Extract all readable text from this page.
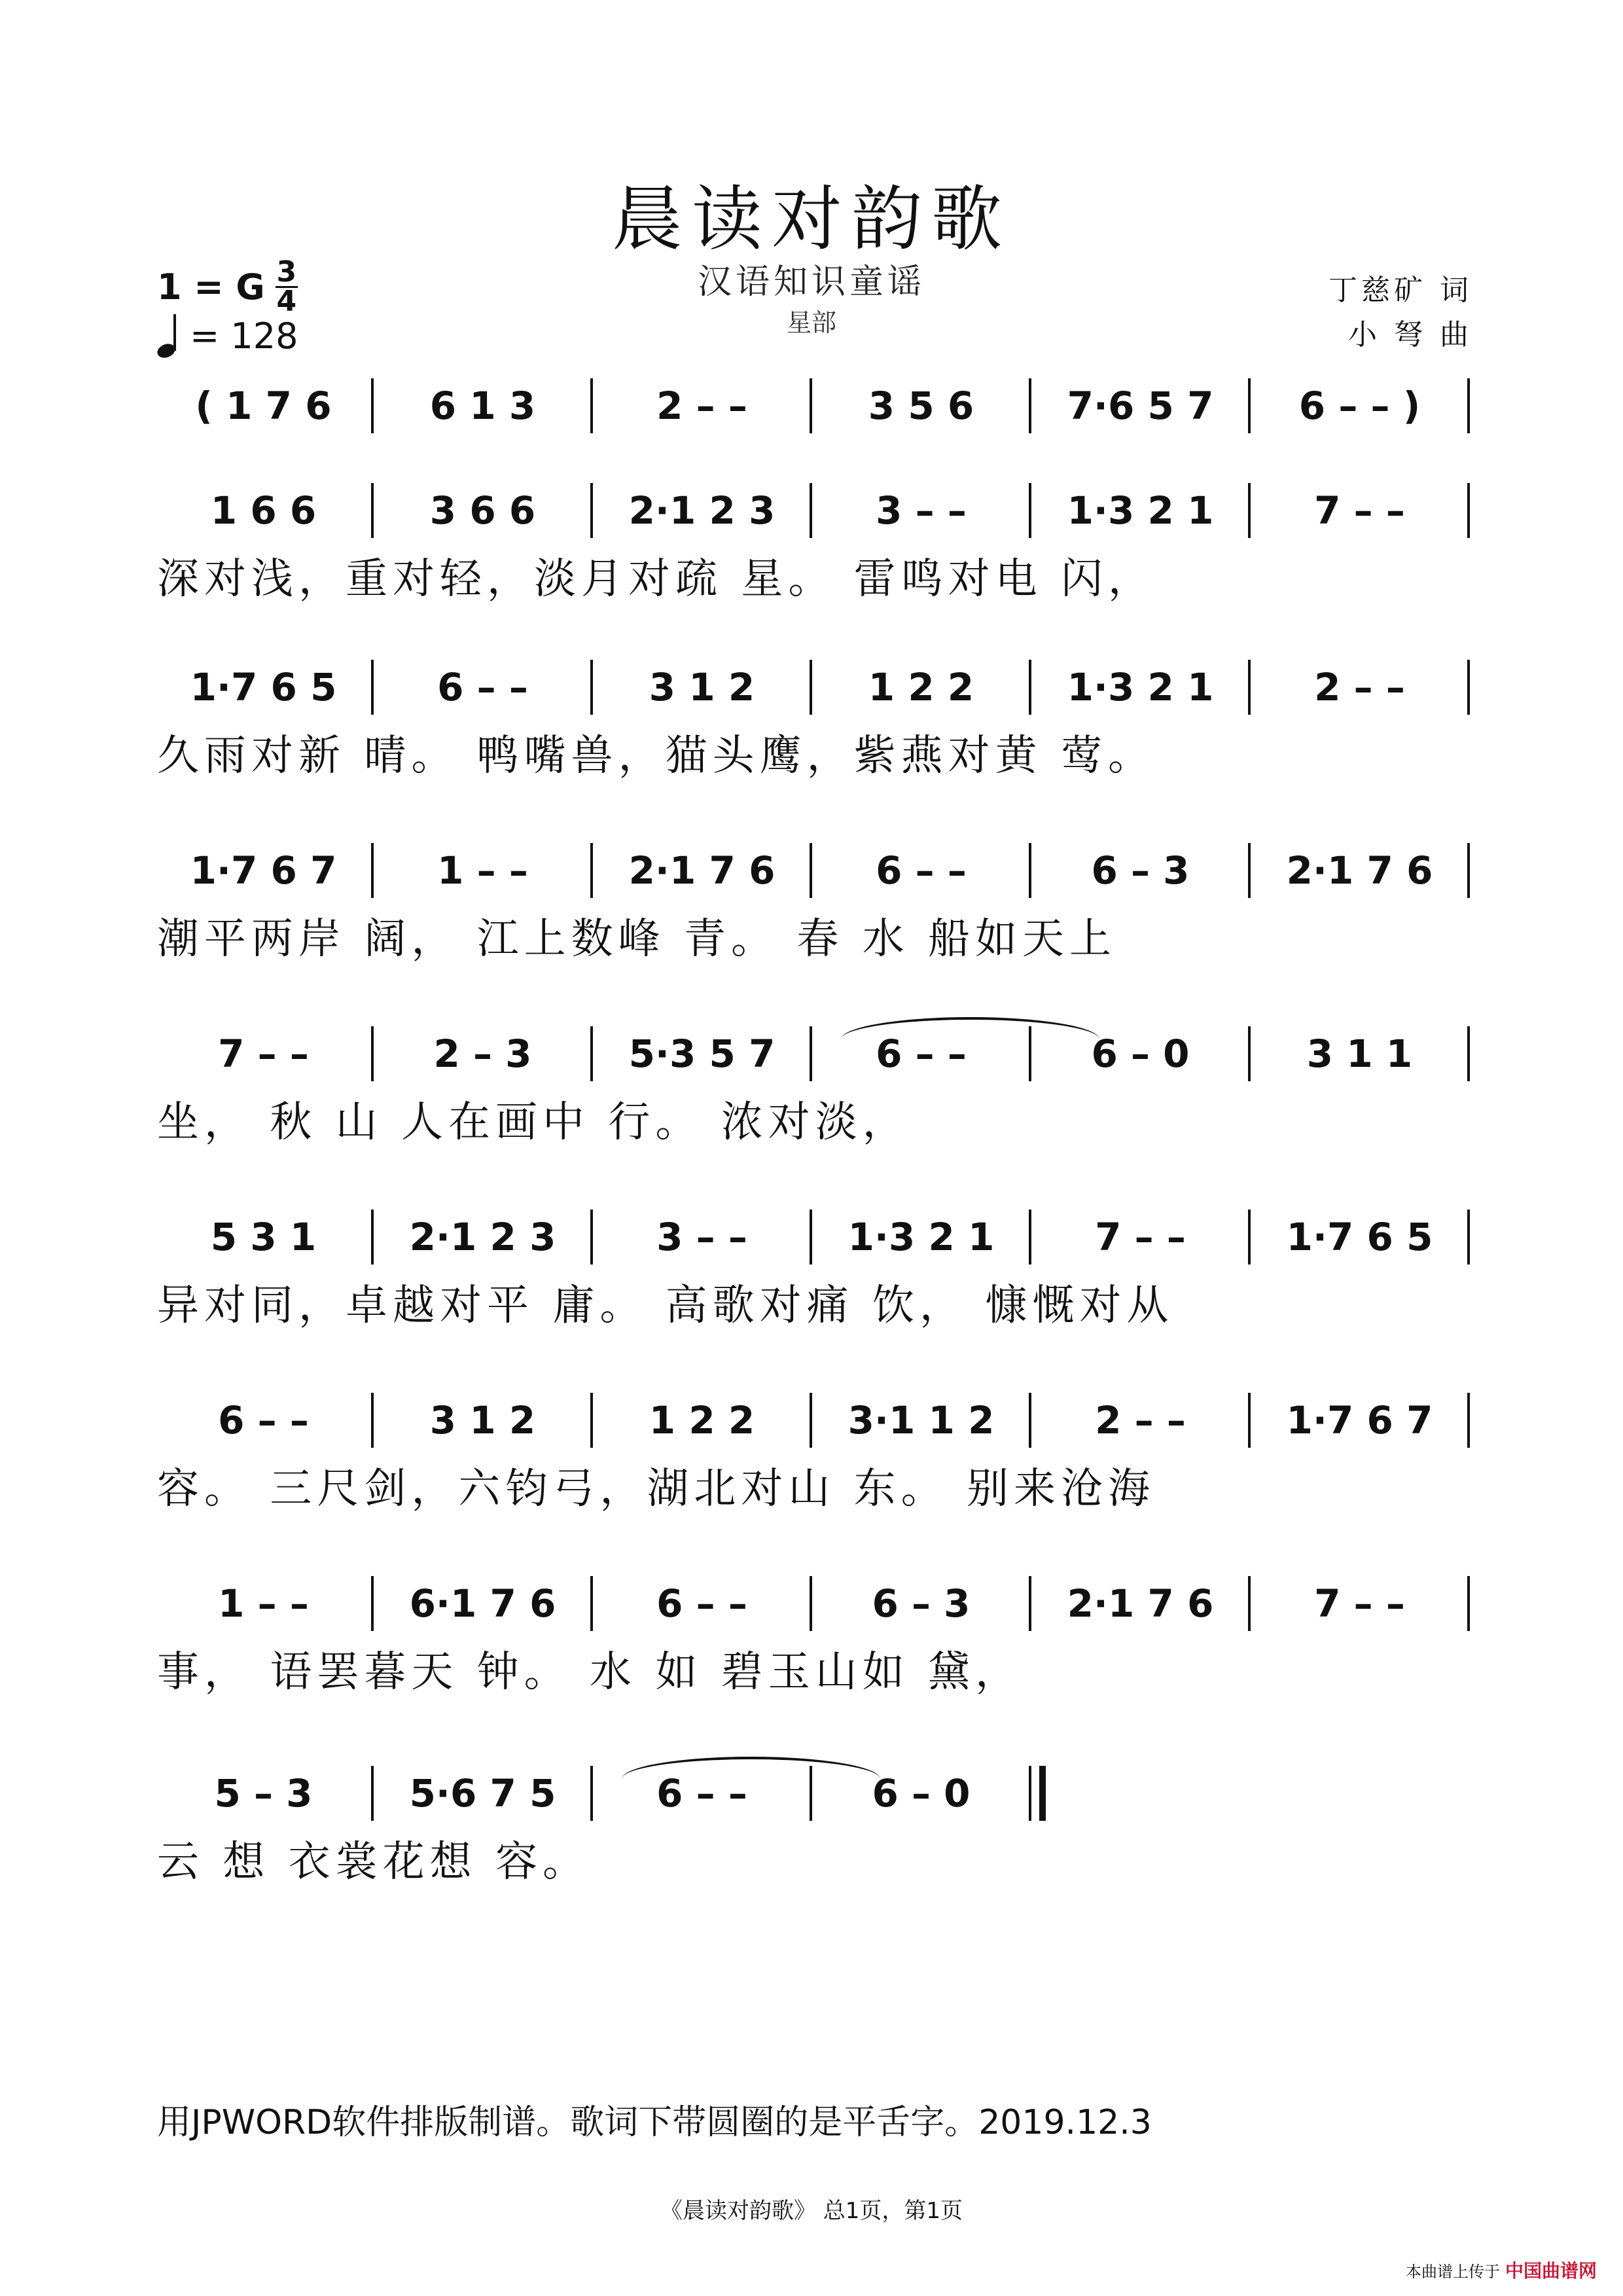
晨读对韵歌
汉语知识童谣
星部
1 = G 3
4
= 128
丁慈矿 词
小 弩 曲
( 1 7 6	6 1 3	2 – –	3 5 6	7·6 5 7	6 – – )
1 6 6	3 6 6	2·1 2 3	3 – –	1·3 2 1	7 – –
深对浅，重对轻，淡月对疏 星。 雷鸣对电 闪，
1·7 6 5	6 – –	3 1 2	1 2 2	1·3 2 1	2 – –
久雨对新 晴。 鸭嘴兽，猫头鹰，紫燕对黄 莺。
1·7 6 7	1 – –	2·1 7 6	6 – –	6 – 3	2·1 7 6
潮平两岸 阔， 江上数峰 青。 春 水 船如天上
7 – –	2 – 3	5·3 5 7	6 – –	6 – 0	3 1 1
坐， 秋 山 人在画中 行。 浓对淡，
5 3 1	2·1 2 3	3 – –	1·3 2 1	7 – –	1·7 6 5
异对同，卓越对平 庸。 高歌对痛 饮， 慷慨对从
6 – –	3 1 2	1 2 2	3·1 1 2	2 – –	1·7 6 7
容。 三尺剑，六钧弓，湖北对山 东。 别来沧海
1 – –	6·1 7 6	6 – –	6 – 3	2·1 7 6	7 – –
事， 语罢暮天 钟。 水 如 碧玉山如 黛，
5 – 3	5·6 7 5	6 – –	6 – 0
云 想 衣裳花想 容。
用JPWORD软件排版制谱。歌词下带圆圈的是平舌字。2019.12.3
《晨读对韵歌》 总1页，第1页
本曲谱上传于 中国曲谱网
